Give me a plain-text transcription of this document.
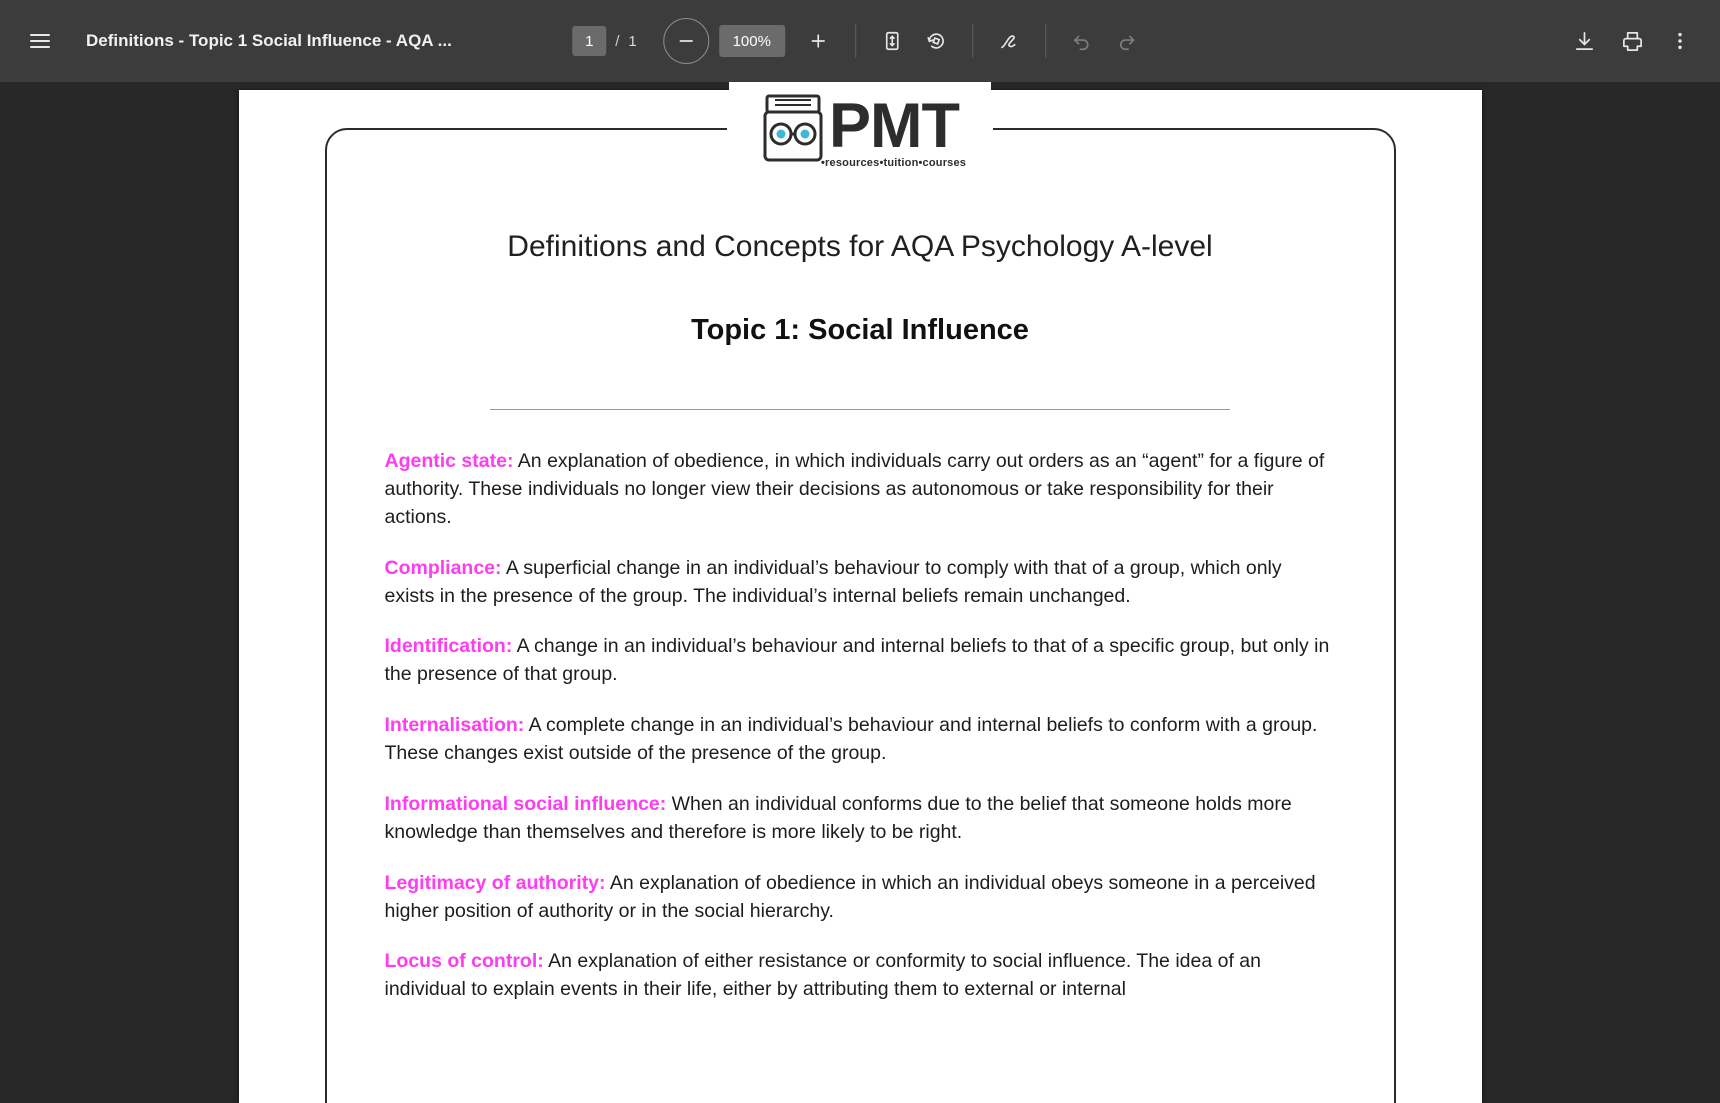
Definitions - Topic 1 Social Influence - AQA ...
1	/ 1	100%
PMT
•resources•tuition•courses
Definitions and Concepts for AQA Psychology A-level
Topic 1: Social Influence

Agentic state: An explanation of obedience, in which individuals carry out orders as an “agent” for a figure of authority. These individuals no longer view their decisions as autonomous or take responsibility for their actions.

Compliance: A superficial change in an individual’s behaviour to comply with that of a group, which only exists in the presence of the group. The individual’s internal beliefs remain unchanged.

Identification: A change in an individual’s behaviour and internal beliefs to that of a specific group, but only in the presence of that group.

Internalisation: A complete change in an individual’s behaviour and internal beliefs to conform with a group. These changes exist outside of the presence of the group.

Informational social influence: When an individual conforms due to the belief that someone holds more knowledge than themselves and therefore is more likely to be right.

Legitimacy of authority: An explanation of obedience in which an individual obeys someone in a perceived higher position of authority or in the social hierarchy.

Locus of control: An explanation of either resistance or conformity to social influence. The idea of an individual to explain events in their life, either by attributing them to external or internal
